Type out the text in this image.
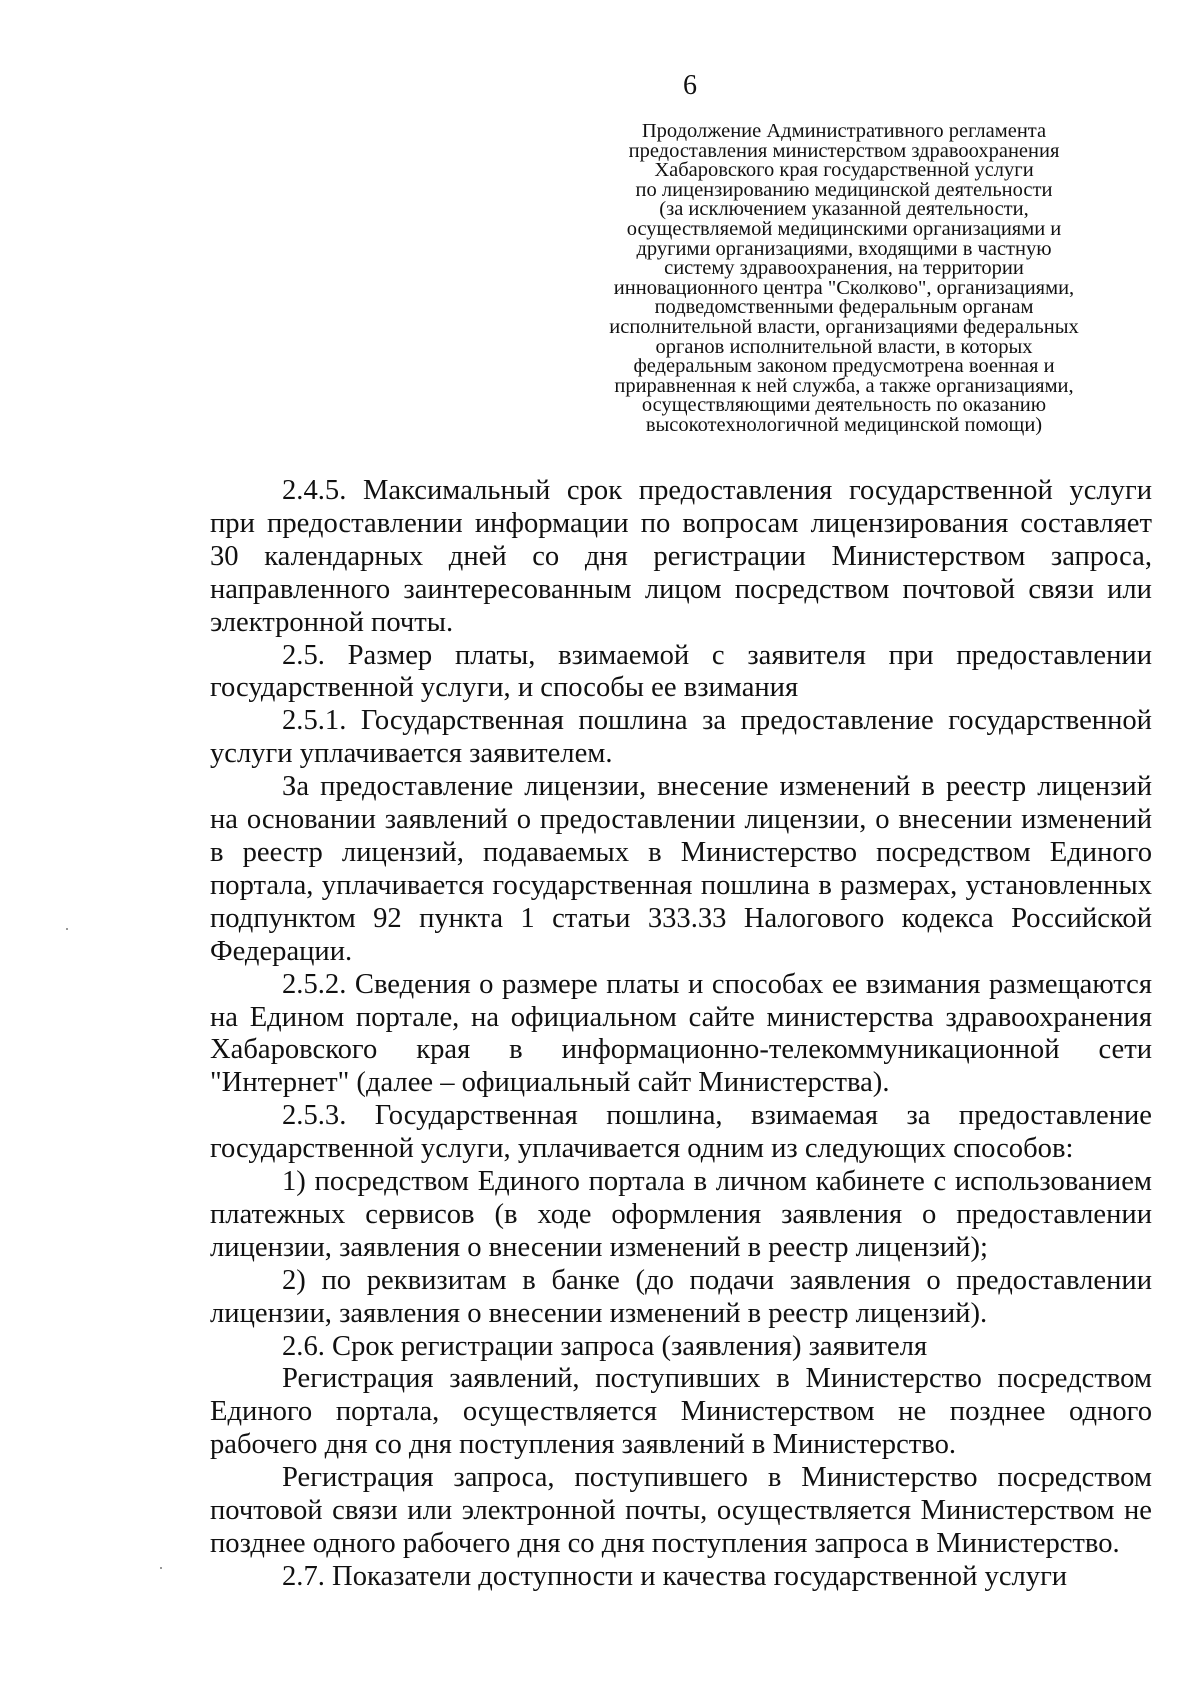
6
Продолжение Административного регламента
предоставления министерством здравоохранения
Хабаровского края государственной услуги
по лицензированию медицинской деятельности
(за исключением указанной деятельности,
осуществляемой медицинскими организациями и
другими организациями, входящими в частную
систему здравоохранения, на территории
инновационного центра "Сколково", организациями,
подведомственными федеральным органам
исполнительной власти, организациями федеральных
органов исполнительной власти, в которых
федеральным законом предусмотрена военная и
приравненная к ней служба, а также организациями,
осуществляющими деятельность по оказанию
высокотехнологичной медицинской помощи)

2.4.5. Максимальный срок предоставления государственной услуги при предоставлении информации по вопросам лицензирования составляет 30 календарных дней со дня регистрации Министерством запроса, направленного заинтересованным лицом посредством почтовой связи или электронной почты.

2.5. Размер платы, взимаемой с заявителя при предоставлении государственной услуги, и способы ее взимания

2.5.1. Государственная пошлина за предоставление государственной услуги уплачивается заявителем.

За предоставление лицензии, внесение изменений в реестр лицензий на основании заявлений о предоставлении лицензии, о внесении изменений в реестр лицензий, подаваемых в Министерство посредством Единого портала, уплачивается государственная пошлина в размерах, установленных подпунктом 92 пункта 1 статьи 333.33 Налогового кодекса Российской Федерации.

2.5.2. Сведения о размере платы и способах ее взимания размещаются на Едином портале, на официальном сайте министерства здравоохранения Хабаровского края в информационно-телекоммуникационной сети "Интернет" (далее – официальный сайт Министерства).

2.5.3. Государственная пошлина, взимаемая за предоставление государственной услуги, уплачивается одним из следующих способов:

1) посредством Единого портала в личном кабинете с использованием платежных сервисов (в ходе оформления заявления о предоставлении лицензии, заявления о внесении изменений в реестр лицензий);

2) по реквизитам в банке (до подачи заявления о предоставлении лицензии, заявления о внесении изменений в реестр лицензий).

2.6. Срок регистрации запроса (заявления) заявителя

Регистрация заявлений, поступивших в Министерство посредством Единого портала, осуществляется Министерством не позднее одного рабочего дня со дня поступления заявлений в Министерство.

Регистрация запроса, поступившего в Министерство посредством почтовой связи или электронной почты, осуществляется Министерством не позднее одного рабочего дня со дня поступления запроса в Министерство.

2.7. Показатели доступности и качества государственной услуги
